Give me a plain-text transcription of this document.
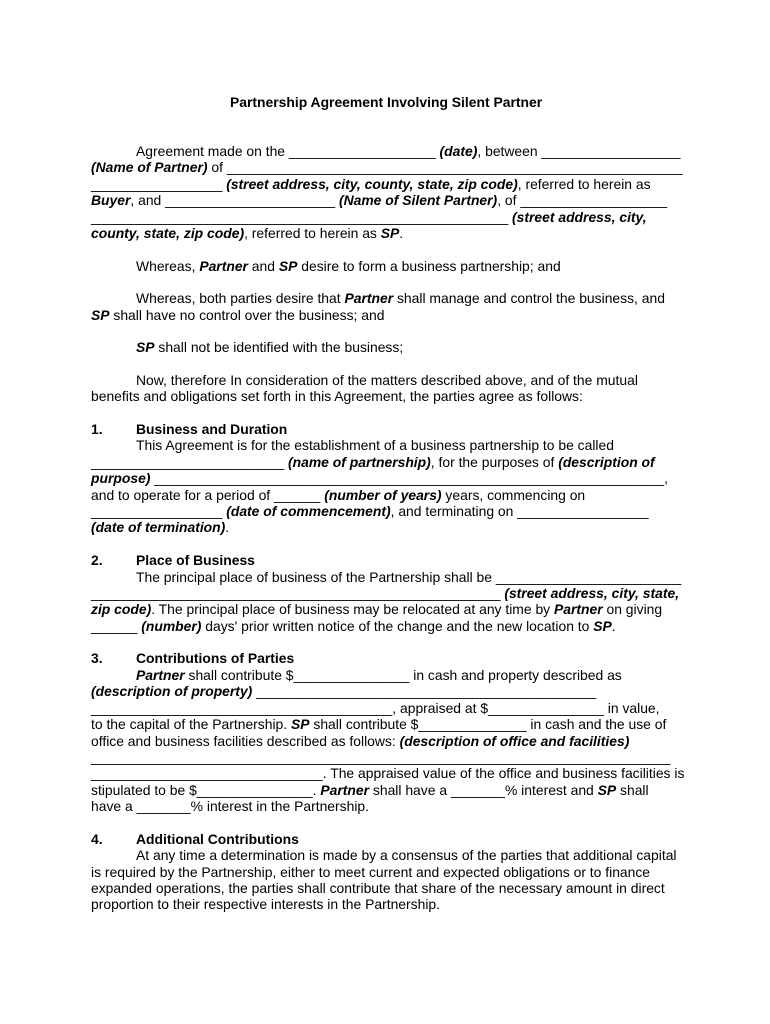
Partnership Agreement Involving Silent Partner
Agreement made on the ___________________ (date), between __________________
(Name of Partner) of ___________________________________________________________
_________________ (street address, city, county, state, zip code), referred to herein as
Buyer, and ______________________ (Name of Silent Partner), of ___________________
______________________________________________________ (street address, city,
county, state, zip code), referred to herein as SP.
Whereas, Partner and SP desire to form a business partnership; and
Whereas, both parties desire that Partner shall manage and control the business, and
SP shall have no control over the business; and
SP shall not be identified with the business;
Now, therefore In consideration of the matters described above, and of the mutual
benefits and obligations set forth in this Agreement, the parties agree as follows:
1. Business and Duration
This Agreement is for the establishment of a business partnership to be called
_________________________ (name of partnership), for the purposes of (description of
purpose) __________________________________________________________________,
and to operate for a period of ______ (number of years) years, commencing on
_________________ (date of commencement), and terminating on _________________
(date of termination).
2. Place of Business
The principal place of business of the Partnership shall be ________________________
_____________________________________________________ (street address, city, state,
zip code). The principal place of business may be relocated at any time by Partner on giving
______ (number) days' prior written notice of the change and the new location to SP.
3. Contributions of Parties
Partner shall contribute $_______________ in cash and property described as
(description of property) ____________________________________________
_______________________________________, appraised at $_______________ in value,
to the capital of the Partnership. SP shall contribute $______________ in cash and the use of
office and business facilities described as follows: (description of office and facilities)
___________________________________________________________________________
______________________________. The appraised value of the office and business facilities is
stipulated to be $_______________. Partner shall have a _______% interest and SP shall
have a _______% interest in the Partnership.
4. Additional Contributions
At any time a determination is made by a consensus of the parties that additional capital
is required by the Partnership, either to meet current and expected obligations or to finance
expanded operations, the parties shall contribute that share of the necessary amount in direct
proportion to their respective interests in the Partnership.
